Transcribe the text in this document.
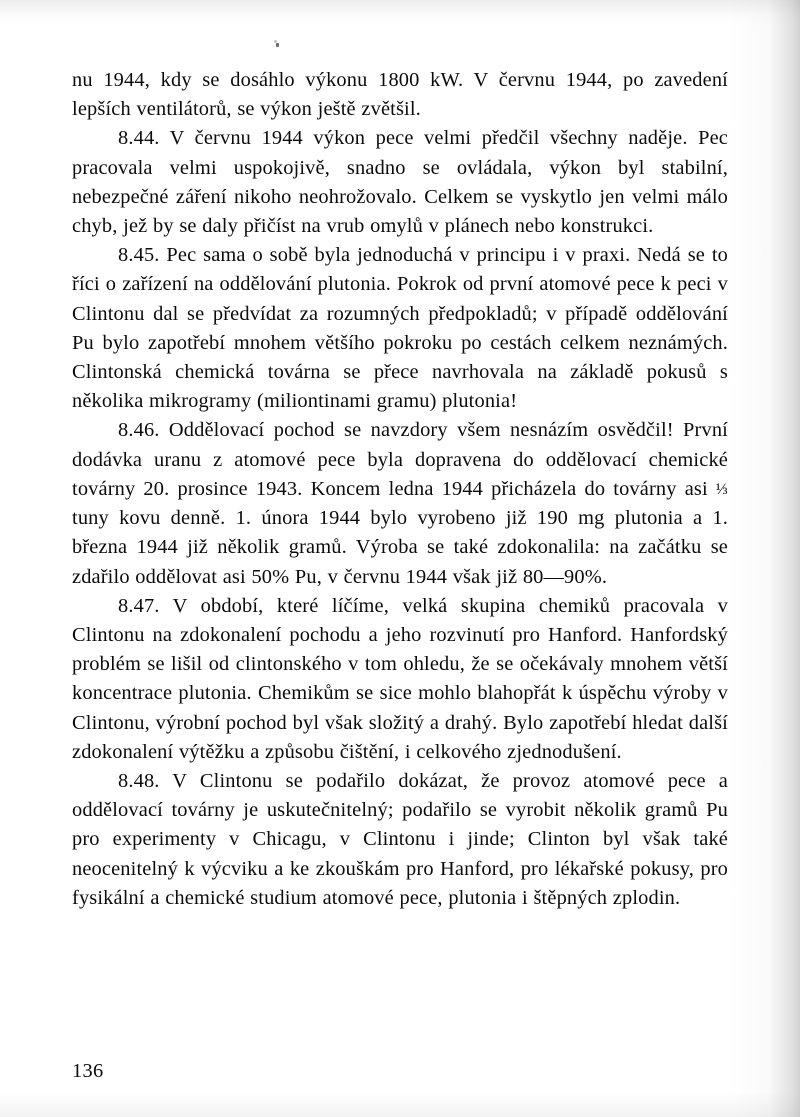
nu 1944, kdy se dosáhlo výkonu 1800 kW. V červnu 1944, po zavedení lepších ventilátorů, se výkon ještě zvětšil.

8.44. V červnu 1944 výkon pece velmi předčil všechny naděje. Pec pracovala velmi uspokojivě, snadno se ovládala, výkon byl stabilní, nebezpečné záření nikoho neohrožovalo. Celkem se vyskytlo jen velmi málo chyb, jež by se daly přičíst na vrub omylů v plánech nebo konstrukci.

8.45. Pec sama o sobě byla jednoduchá v principu i v praxi. Nedá se to říci o zařízení na oddělování plutonia. Pokrok od první atomové pece k peci v Clintonu dal se předvídat za rozumných předpokladů; v případě oddělování Pu bylo zapotřebí mnohem většího pokroku po cestách celkem neznámých. Clintonská chemická továrna se přece navrhovala na základě pokusů s několika mikrogramy (miliontinami gramu) plutonia!

8.46. Oddělovací pochod se navzdory všem nesnázím osvědčil! První dodávka uranu z atomové pece byla dopravena do oddělovací chemické továrny 20. prosince 1943. Koncem ledna 1944 přicházela do továrny asi ⅓ tuny kovu denně. 1. února 1944 bylo vyrobeno již 190 mg plutonia a 1. března 1944 již několik gramů. Výroba se také zdokonalila: na začátku se zdařilo oddělovat asi 50% Pu, v červnu 1944 však již 80—90%.

8.47. V období, které líčíme, velká skupina chemiků pracovala v Clintonu na zdokonalení pochodu a jeho rozvinutí pro Hanford. Hanfordský problém se lišil od clintonského v tom ohledu, že se očekávaly mnohem větší koncentrace plutonia. Chemikům se sice mohlo blahopřát k úspěchu výroby v Clintonu, výrobní pochod byl však složitý a drahý. Bylo zapotřebí hledat další zdokonalení výtěžku a způsobu čištění, i celkového zjednodušení.

8.48. V Clintonu se podařilo dokázat, že provoz atomové pece a oddělovací továrny je uskutečnitelný; podařilo se vyrobit několik gramů Pu pro experimenty v Chicagu, v Clintonu i jinde; Clinton byl však také neocenitelný k výcviku a ke zkouškám pro Hanford, pro lékařské pokusy, pro fysikální a chemické studium atomové pece, plutonia i štěpných zplodin.

136
